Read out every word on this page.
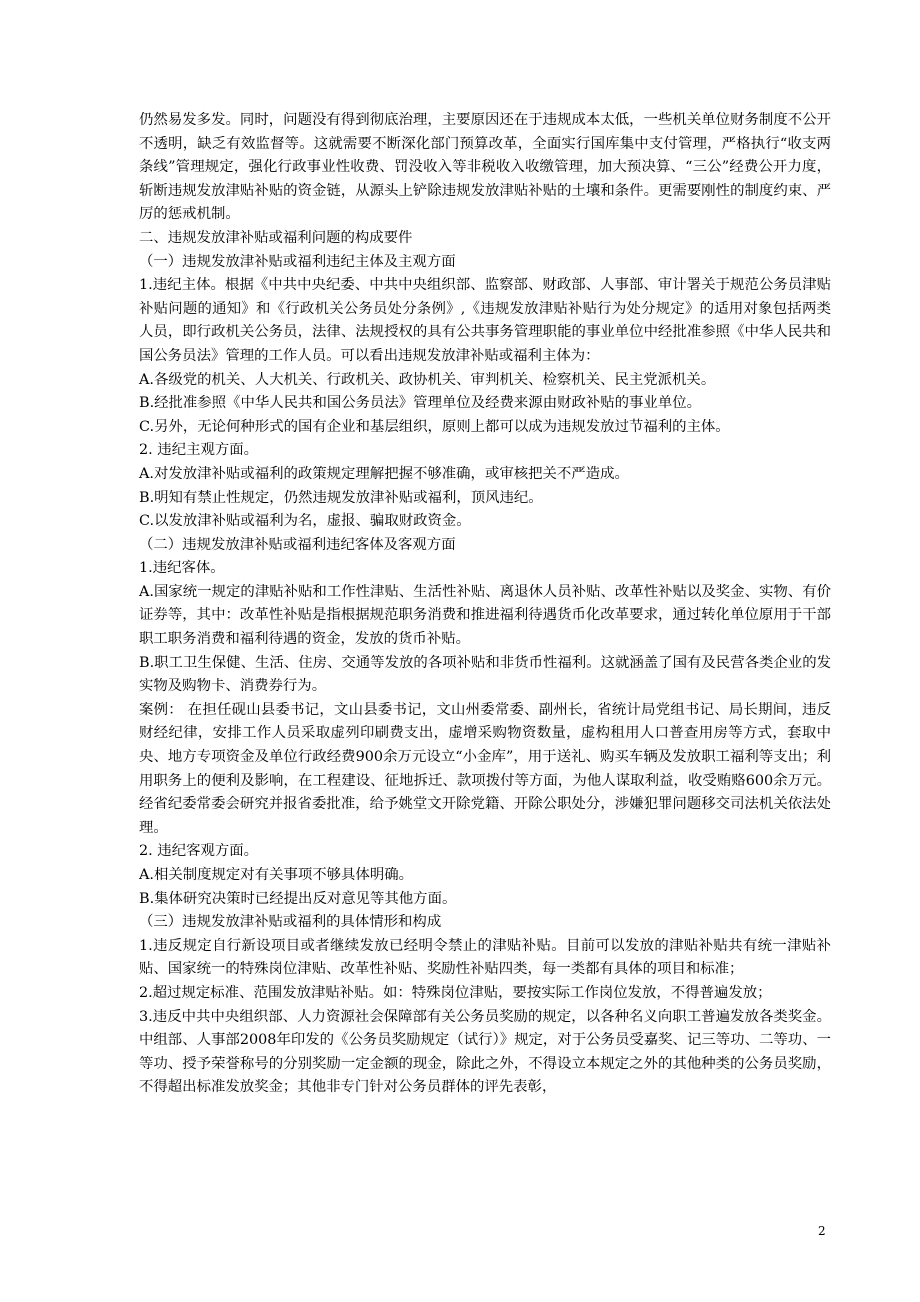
仍然易发多发。同时，问题没有得到彻底治理，主要原因还在于违规成本太低，一些机关单位财务制度不公开不透明，缺乏有效监督等。这就需要不断深化部门预算改革，全面实行国库集中支付管理，严格执行“收支两条线”管理规定，强化行政事业性收费、罚没收入等非税收入收缴管理，加大预决算、“三公”经费公开力度，斩断违规发放津贴补贴的资金链，从源头上铲除违规发放津贴补贴的土壤和条件。更需要刚性的制度约束、严厉的惩戒机制。

二、违规发放津补贴或福利问题的构成要件

（一）违规发放津补贴或福利违纪主体及主观方面

1.违纪主体。根据《中共中央纪委、中共中央组织部、监察部、财政部、人事部、审计署关于规范公务员津贴补贴问题的通知》和《行政机关公务员处分条例》,《违规发放津贴补贴行为处分规定》的适用对象包括两类人员，即行政机关公务员，法律、法规授权的具有公共事务管理职能的事业单位中经批准参照《中华人民共和国公务员法》管理的工作人员。可以看出违规发放津补贴或福利主体为：

A.各级党的机关、人大机关、行政机关、政协机关、审判机关、检察机关、民主党派机关。

B.经批准参照《中华人民共和国公务员法》管理单位及经费来源由财政补贴的事业单位。

C.另外，无论何种形式的国有企业和基层组织，原则上都可以成为违规发放过节福利的主体。

2. 违纪主观方面。

A.对发放津补贴或福利的政策规定理解把握不够准确，或审核把关不严造成。

B.明知有禁止性规定，仍然违规发放津补贴或福利，顶风违纪。

C.以发放津补贴或福利为名，虚报、骗取财政资金。

（二）违规发放津补贴或福利违纪客体及客观方面

1.违纪客体。

A.国家统一规定的津贴补贴和工作性津贴、生活性补贴、离退休人员补贴、改革性补贴以及奖金、实物、有价证券等，其中：改革性补贴是指根据规范职务消费和推进福利待遇货币化改革要求，通过转化单位原用于干部职工职务消费和福利待遇的资金，发放的货币补贴。

B.职工卫生保健、生活、住房、交通等发放的各项补贴和非货币性福利。这就涵盖了国有及民营各类企业的发实物及购物卡、消费券行为。

案例： 在担任砚山县委书记，文山县委书记，文山州委常委、副州长，省统计局党组书记、局长期间，违反财经纪律，安排工作人员采取虚列印刷费支出，虚增采购物资数量，虚构租用人口普查用房等方式，套取中央、地方专项资金及单位行政经费900余万元设立“小金库”，用于送礼、购买车辆及发放职工福利等支出；利用职务上的便利及影响，在工程建设、征地拆迁、款项拨付等方面，为他人谋取利益，收受贿赂600余万元。经省纪委常委会研究并报省委批准，给予姚堂文开除党籍、开除公职处分，涉嫌犯罪问题移交司法机关依法处理。

2. 违纪客观方面。

A.相关制度规定对有关事项不够具体明确。

B.集体研究决策时已经提出反对意见等其他方面。

（三）违规发放津补贴或福利的具体情形和构成

1.违反规定自行新设项目或者继续发放已经明令禁止的津贴补贴。目前可以发放的津贴补贴共有统一津贴补贴、国家统一的特殊岗位津贴、改革性补贴、奖励性补贴四类，每一类都有具体的项目和标准；

2.超过规定标准、范围发放津贴补贴。如：特殊岗位津贴，要按实际工作岗位发放，不得普遍发放；

3.违反中共中央组织部、人力资源社会保障部有关公务员奖励的规定，以各种名义向职工普遍发放各类奖金。中组部、人事部2008年印发的《公务员奖励规定（试行）》规定，对于公务员受嘉奖、记三等功、二等功、一等功、授予荣誉称号的分别奖励一定金额的现金，除此之外，不得设立本规定之外的其他种类的公务员奖励，不得超出标准发放奖金；其他非专门针对公务员群体的评先表彰，

2
